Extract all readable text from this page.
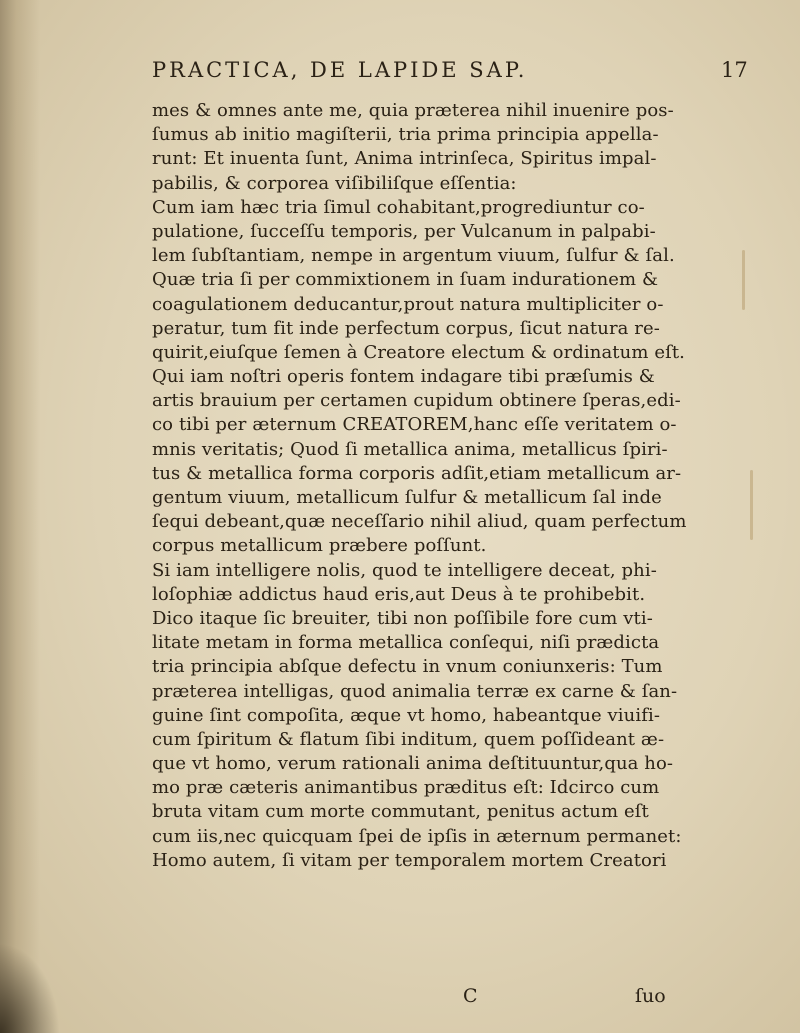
PRACTICA, DE LAPIDE SAP.	17
mes & omnes ante me, quia præterea nihil inuenire pos-
ſumus ab initio magiſterii, tria prima principia appella-
runt: Et inuenta ſunt, Anima intrinſeca, Spiritus impal-
pabilis, & corporea viſibiliſque eſſentia:
Cum iam hæc tria ſimul cohabitant,progrediuntur co-
pulatione, ſucceſſu temporis, per Vulcanum in palpabi-
lem ſubſtantiam, nempe in argentum viuum, ſulfur & ſal.
Quæ tria ſi per commixtionem in ſuam indurationem &
coagulationem deducantur,prout natura multipliciter o-
peratur, tum fit inde perfectum corpus, ſicut natura re-
quirit,eiuſque ſemen à Creatore electum & ordinatum eſt.
Qui iam noſtri operis fontem indagare tibi præſumis &
artis brauium per certamen cupidum obtinere ſperas,edi-
co tibi per æternum CREATOREM,hanc eſſe veritatem o-
mnis veritatis; Quod ſi metallica anima, metallicus ſpiri-
tus & metallica forma corporis adſit,etiam metallicum ar-
gentum viuum, metallicum ſulfur & metallicum ſal inde
ſequi debeant,quæ neceſſario nihil aliud, quam perfectum
corpus metallicum præbere poſſunt.
Si iam intelligere nolis, quod te intelligere deceat, phi-
loſophiæ addictus haud eris,aut Deus à te prohibebit.
Dico itaque ſic breuiter, tibi non poſſibile fore cum vti-
litate metam in forma metallica conſequi, niſi prædicta
tria principia abſque defectu in vnum coniunxeris: Tum
præterea intelligas, quod animalia terræ ex carne & ſan-
guine ſint compoſita, æque vt homo, habeantque viuifi-
cum ſpiritum & flatum ſibi inditum, quem poſſideant æ-
que vt homo, verum rationali anima deſtituuntur,qua ho-
mo præ cæteris animantibus præditus eſt: Idcirco cum
bruta vitam cum morte commutant, penitus actum eſt
cum iis,nec quicquam ſpei de ipſis in æternum permanet:
Homo autem, ſi vitam per temporalem mortem Creatori
C	ſuo
